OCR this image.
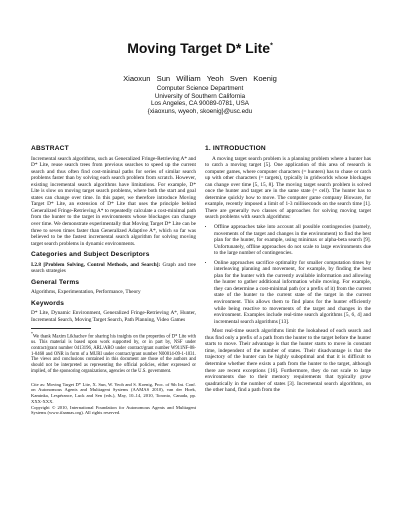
Moving Target D* Lite*
Xiaoxun Sun William Yeoh Sven Koenig
Computer Science Department
University of Southern California
Los Angeles, CA 90089-0781, USA
{xiaoxuns, wyeoh, skoenig}@usc.edu
ABSTRACT

Incremental search algorithms, such as Generalized Fringe-Retrieving A* and D* Lite, reuse search trees from previous searches to speed up the current search and thus often find cost-minimal paths for series of similar search problems faster than by solving each search problem from scratch. However, existing incremental search algorithms have limitations. For example, D* Lite is slow on moving target search problems, where both the start and goal states can change over time. In this paper, we therefore introduce Moving Target D* Lite, an extension of D* Lite that uses the principle behind Generalized Fringe-Retrieving A* to repeatedly calculate a cost-minimal path from the hunter to the target in environments whose blockages can change over time. We demonstrate experimentally that Moving Target D* Lite can be three to seven times faster than Generalized Adaptive A*, which so far was believed to be the fastest incremental search algorithm for solving moving target search problems in dynamic environments.

Categories and Subject Descriptors

I.2.8 [Problem Solving, Control Methods, and Search]: Graph and tree search strategies

General Terms

Algorithms, Experimentation, Performance, Theory

Keywords

D* Lite, Dynamic Environment, Generalized Fringe-Retrieving A*, Hunter, Incremental Search, Moving Target Search, Path Planning, Video Games

*We thank Maxim Likhachev for sharing his insights on the properties of D* Lite with us. This material is based upon work supported by, or in part by, NSF under contract/grant number 0413196, ARL/ARO under contract/grant number W911NF-08-1-0468 and ONR in form of a MURI under contract/grant number N00014-09-1-1031. The views and conclusions contained in this document are those of the authors and should not be interpreted as representing the official policies, either expressed or implied, of the sponsoring organizations, agencies or the U.S. government.

Cite as: Moving Target D* Lite, X. Sun, W. Yeoh and S. Koenig, Proc. of 9th Int. Conf. on Autonomous Agents and Multiagent Systems (AAMAS 2010), van der Hoek, Kaminka, Lespérance, Luck and Sen (eds.), May, 10–14, 2010, Toronto, Canada, pp. XXX-XXX.

Copyright © 2010, International Foundation for Autonomous Agents and Multiagent Systems (www.ifaamas.org). All rights reserved.

1. INTRODUCTION

A moving target search problem is a planning problem where a hunter has to catch a moving target [5]. One application of this area of research is computer games, where computer characters (= hunters) has to chase or catch up with other characters (= targets), typically in gridworlds whose blockages can change over time [5, 15, 8]. The moving target search problem is solved once the hunter and target are in the same state (= cell). The hunter has to determine quickly how to move. The computer game company Bioware, for example, recently imposed a limit of 1-3 milliseconds on the search time [1]. There are generally two classes of approaches for solving moving target search problems with search algorithms:

• Offline approaches take into account all possible contingencies (namely, movements of the target and changes in the environment) to find the best plan for the hunter, for example, using minimax or alpha-beta search [9]. Unfortunately, offline approaches do not scale to large environments due to the large number of contingencies.
• Online approaches sacrifice optimality for smaller computation times by interleaving planning and movement, for example, by finding the best plan for the hunter with the currently available information and allowing the hunter to gather additional information while moving. For example, they can determine a cost-minimal path (or a prefix of it) from the current state of the hunter to the current state of the target in the current environment. This allows them to find plans for the hunter efficiently while being reactive to movements of the target and changes in the environment. Examples include real-time search algorithms [5, 6, 4] and incremental search algorithms [13].

Most real-time search algorithms limit the lookahead of each search and thus find only a prefix of a path from the hunter to the target before the hunter starts to move. Their advantage is that the hunter starts to move in constant time, independent of the number of states. Their disadvantage is that the trajectory of the hunter can be highly suboptimal and that it is difficult to determine whether there exists a path from the hunter to the target, although there are recent exceptions [16]. Furthermore, they do not scale to large environments due to their memory requirements that typically grow quadratically in the number of states [3]. Incremental search algorithms, on the other hand, find a path from the
